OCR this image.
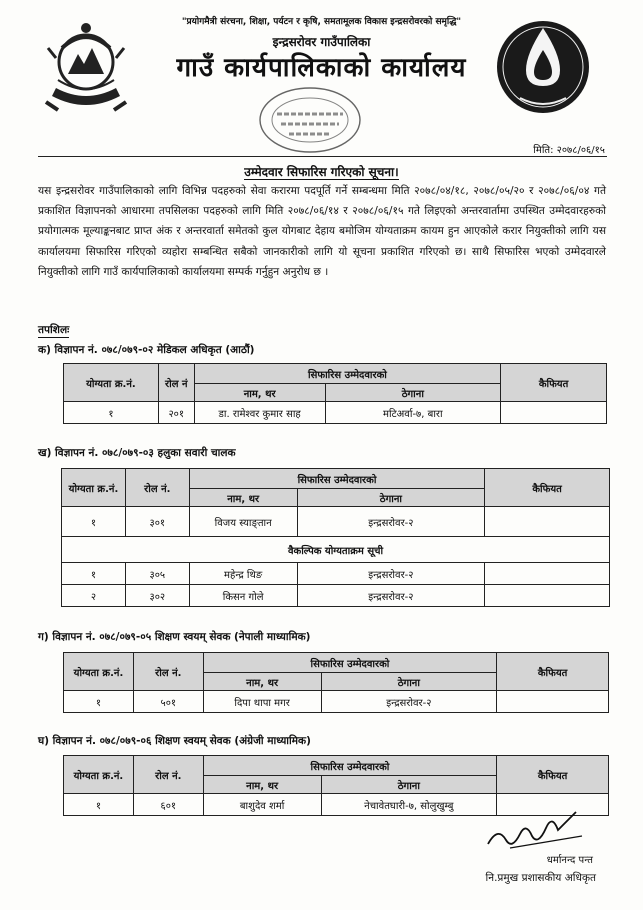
"प्रयोगमैत्री संरचना, शिक्षा, पर्यटन र कृषि, समतामूलक विकास इन्द्रसरोवरको समृद्धि"
इन्द्रसरोवर गाउँपालिका
गाउँ कार्यपालिकाको कार्यालय
मिति: २०७८/०६/१५
उम्मेदवार सिफारिस गरिएको सूचना।
यस इन्द्रसरोवर गाउँपालिकाको लागि विभिन्न पदहरुको सेवा करारमा पदपूर्ति गर्ने सम्बन्धमा मिति २०७८/०४/१८, २०७८/०५/२० र २०७८/०६/०४ गते प्रकाशित विज्ञापनको आधारमा तपसिलका पदहरुको लागि मिति २०७८/०६/१४ र २०७८/०६/१५ गते लिइएको अन्तरवार्तामा उपस्थित उम्मेदवारहरुको प्रयोगात्मक मूल्याङ्कनबाट प्राप्त अंक र अन्तरवार्ता समेतको कुल योगबाट देहाय बमोजिम योग्यताक्रम कायम हुन आएकोले करार नियुक्तीको लागि यस कार्यालयमा सिफारिस गरिएको व्यहोरा सम्बन्धित सबैको जानकारीको लागि यो सूचना प्रकाशित गरिएको छ। साथै सिफारिस भएको उम्मेदवारले नियुक्तीको लागि गाउँ कार्यपालिकाको कार्यालयमा सम्पर्क गर्नुहुन अनुरोध छ ।
तपशिलः
क) विज्ञापन नं. ०७८/०७९-०२ मेडिकल अधिकृत (आठौं)
योग्यता क्र.नं.	रोल नं	सिफारिस उम्मेदवारको		कैफियत
		नाम, थर	ठेगाना	
१	२०१	डा. रामेश्वर कुमार साह	मटिअर्वा-७, बारा	
ख) विज्ञापन नं. ०७८/०७९-०३ हलुका सवारी चालक
योग्यता क्र.नं.	रोल नं.	सिफारिस उम्मेदवारको		कैफियत
		नाम, थर	ठेगाना	
१	३०१	विजय स्याङ्तान	इन्द्रसरोवर-२	
वैकल्पिक योग्यताक्रम सूची				
१	३०५	महेन्द्र थिङ	इन्द्रसरोवर-२	
२	३०२	किसन गोले	इन्द्रसरोवर-२	
ग) विज्ञापन नं. ०७८/०७९-०५ शिक्षण स्वयम् सेवक (नेपाली माध्यामिक)
योग्यता क्र.नं.	रोल नं.	सिफारिस उम्मेदवारको		कैफियत
		नाम, थर	ठेगाना	
१	५०१	दिपा थापा मगर	इन्द्रसरोवर-२	
घ) विज्ञापन नं. ०७८/०७९-०६ शिक्षण स्वयम् सेवक (अंग्रेजी माध्यामिक)
योग्यता क्र.नं.	रोल नं.	सिफारिस उम्मेदवारको		कैफियत
		नाम, थर	ठेगाना	
१	६०१	बाशुदेव शर्मा	नेचावेतघारी-७, सोलुखुम्बु	
धर्मानन्द पन्त
नि.प्रमुख प्रशासकीय अधिकृत
